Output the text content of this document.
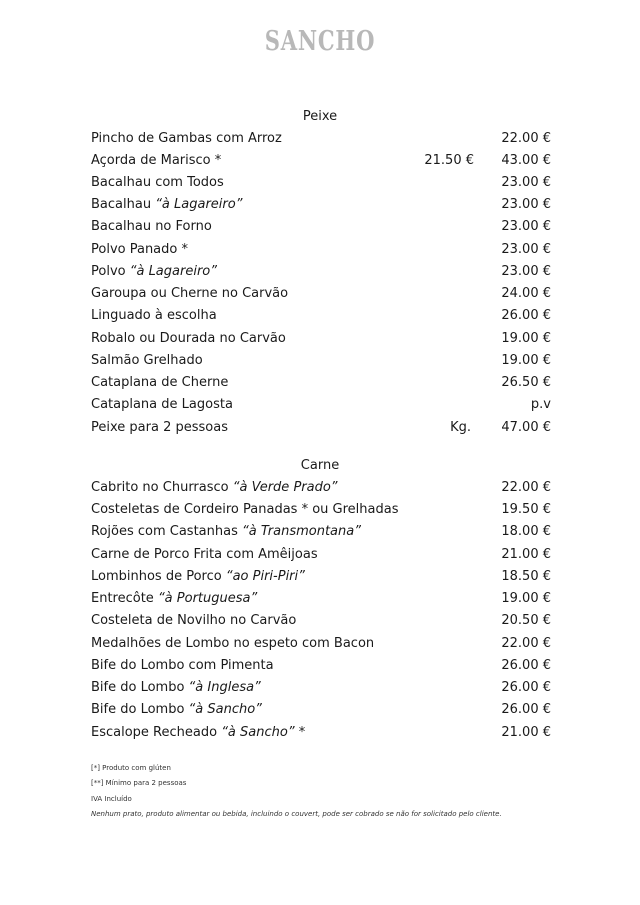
SANCHO
Peixe
Pincho de Gambas com Arroz	22.00 €
Açorda de Marisco *	21.50 € 43.00 €
Bacalhau com Todos	23.00 €
Bacalhau “à Lagareiro”	23.00 €
Bacalhau no Forno	23.00 €
Polvo Panado *	23.00 €
Polvo “à Lagareiro”	23.00 €
Garoupa ou Cherne no Carvão	24.00 €
Linguado à escolha	26.00 €
Robalo ou Dourada no Carvão	19.00 €
Salmão Grelhado	19.00 €
Cataplana de Cherne	26.50 €
Cataplana de Lagosta	p.v
Peixe para 2 pessoas	Kg. 47.00 €
Carne
Cabrito no Churrasco “à Verde Prado”	22.00 €
Costeletas de Cordeiro Panadas * ou Grelhadas	19.50 €
Rojões com Castanhas “à Transmontana”	18.00 €
Carne de Porco Frita com Amêijoas	21.00 €
Lombinhos de Porco “ao Piri-Piri”	18.50 €
Entrecôte “à Portuguesa”	19.00 €
Costeleta de Novilho no Carvão	20.50 €
Medalhões de Lombo no espeto com Bacon	22.00 €
Bife do Lombo com Pimenta	26.00 €
Bife do Lombo “à Inglesa”	26.00 €
Bife do Lombo “à Sancho”	26.00 €
Escalope Recheado “à Sancho” *	21.00 €
[*] Produto com glúten
[**] Mínimo para 2 pessoas
IVA Incluído
Nenhum prato, produto alimentar ou bebida, incluindo o couvert, pode ser cobrado se não for solicitado pelo cliente.
